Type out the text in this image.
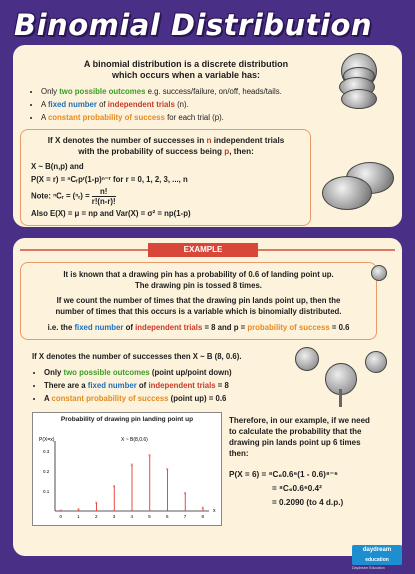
Binomial Distribution
A binomial distribution is a discrete distribution
which occurs when a variable has:
• Only two possible outcomes e.g. success/failure, on/off, heads/tails.
• A fixed number of independent trials (n).
• A constant probability of success for each trial (p).
If X denotes the number of successes in n independent trials
with the probability of success being p, then:
X ~ B(n,p) and
P(X = r) = ⁿCᵣpʳ(1-p)ⁿ⁻ʳ for r = 0, 1, 2, 3, ..., n
Note: ⁿCᵣ = (ⁿᵣ) = $\frac{n!}{r!(n-r)!}$
Also E(X) = μ = np and Var(X) = σ² = np(1-p)
EXAMPLE
It is known that a drawing pin has a probability of 0.6 of landing point up.
The drawing pin is tossed 8 times.
If we count the number of times that the drawing pin lands point up, then the
number of times that this occurs is a variable which is binomially distributed.
i.e. the fixed number of independent trials = 8 and p = probability of success = 0.6
If X denotes the number of successes then X ~ B (8, 0.6).
• Only two possible outcomes (point up/point down)
• There are a fixed number of independent trials = 8
• A constant probability of success (point up) = 0.6
Probability of drawing pin landing point up
P(X=x)	X ~ B(8,0.6)
x
0.1
0.2
0.3
×
0
×
1
×
2
×
3
×
4
×
5
×
6
×
7
×
8
Therefore, in our example, if we need
to calculate the probability that the
drawing pin lands point up 6 times
then:
P(X = 6) = ⁸C₆0.6⁶(1 - 0.6)⁸⁻⁶
= ⁸C₆0.6⁶0.4²
= 0.2090 (to 4 d.p.)
daydream
education
Daydream Education
